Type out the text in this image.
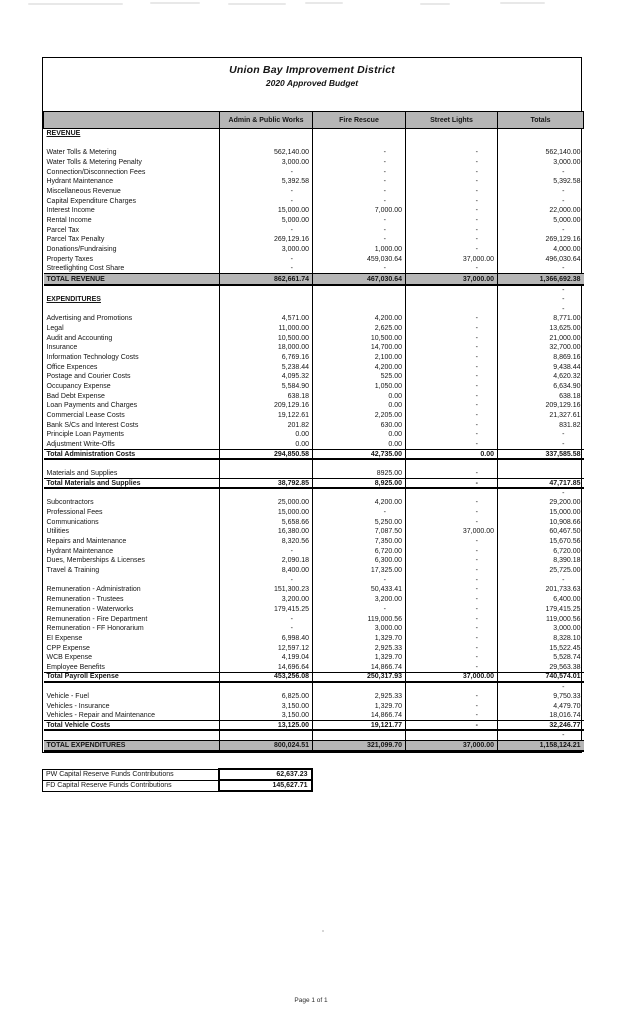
Union Bay Improvement District
2020 Approved Budget
	Admin & Public Works	Fire Rescue	Street Lights	Totals
REVENUE				

Water Tolls & Metering	562,140.00	-	-	562,140.00
Water Tolls & Metering Penalty	3,000.00	-	-	3,000.00
Connection/Disconnection Fees	-	-	-	-
Hydrant Maintenance	5,392.58	-	-	5,392.58
Miscellaneous Revenue	-	-	-	-
Capital Expenditure Charges	-	-	-	-
Interest Income	15,000.00	7,000.00	-	22,000.00
Rental Income	5,000.00	-	-	5,000.00
Parcel Tax	-	-	-	-
Parcel Tax Penalty	269,129.16	-	-	269,129.16
Donations/Fundraising	3,000.00	1,000.00	-	4,000.00
Property Taxes	-	459,030.64	37,000.00	496,030.64
Streetlighting Cost Share	-	-	-	-
TOTAL REVENUE	862,661.74	467,030.64	37,000.00	1,366,692.38
				-
EXPENDITURES				-
				-
Advertising and Promotions	4,571.00	4,200.00	-	8,771.00
Legal	11,000.00	2,625.00	-	13,625.00
Audit and Accounting	10,500.00	10,500.00	-	21,000.00
Insurance	18,000.00	14,700.00	-	32,700.00
Information Technology Costs	6,769.16	2,100.00	-	8,869.16
Office Expences	5,238.44	4,200.00	-	9,438.44
Postage and Courier Costs	4,095.32	525.00	-	4,620.32
Occupancy Expense	5,584.90	1,050.00	-	6,634.90
Bad Debt Expense	638.18	0.00	-	638.18
Loan Payments and Charges	209,129.16	0.00	-	209,129.16
Commercial Lease Costs	19,122.61	2,205.00	-	21,327.61
Bank S/Cs and Interest Costs	201.82	630.00	-	831.82
Principle Loan Payments	0.00	0.00	-	-
Adjustment Write-Offs	0.00	0.00	-	-
Total Administration Costs	294,850.58	42,735.00	0.00	337,585.58

Materials and Supplies		8925.00	-	
Total Materials and Supplies	38,792.85	8,925.00	-	47,717.85
				-
Subcontractors	25,000.00	4,200.00	-	29,200.00
Professional Fees	15,000.00	-	-	15,000.00
Communications	5,658.66	5,250.00	-	10,908.66
Utilities	16,380.00	7,087.50	37,000.00	60,467.50
Repairs and Maintenance	8,320.56	7,350.00	-	15,670.56
Hydrant Maintenance	-	6,720.00	-	6,720.00
Dues, Memberships & Licenses	2,090.18	6,300.00	-	8,390.18
Travel & Training	8,400.00	17,325.00	-	25,725.00
	-	-	-	-
Remuneration - Administration	151,300.23	50,433.41	-	201,733.63
Remuneration - Trustees	3,200.00	3,200.00	-	6,400.00
Remuneration - Waterworks	179,415.25	-	-	179,415.25
Remuneration - Fire Department	-	119,000.56	-	119,000.56
Remuneration - FF Honorarium	-	3,000.00	-	3,000.00
EI Expense	6,998.40	1,329.70	-	8,328.10
CPP Expense	12,597.12	2,925.33	-	15,522.45
WCB Expense	4,199.04	1,329.70	-	5,528.74
Employee Benefits	14,696.64	14,866.74	-	29,563.38
Total Payroll Expense	453,256.08	250,317.93	37,000.00	740,574.01
				-
Vehicle - Fuel	6,825.00	2,925.33	-	9,750.33
Vehicles - Insurance	3,150.00	1,329.70	-	4,479.70
Vehicles - Repair and Maintenance	3,150.00	14,866.74	-	18,016.74
Total Vehicle Costs	13,125.00	19,121.77	-	32,246.77
				-
TOTAL EXPENDITURES	800,024.51	321,099.70	37,000.00	1,158,124.21
PW Capital Reserve Funds Contributions	62,637.23
FD Capital Reserve Funds Contributions	145,627.71
Page 1 of 1
